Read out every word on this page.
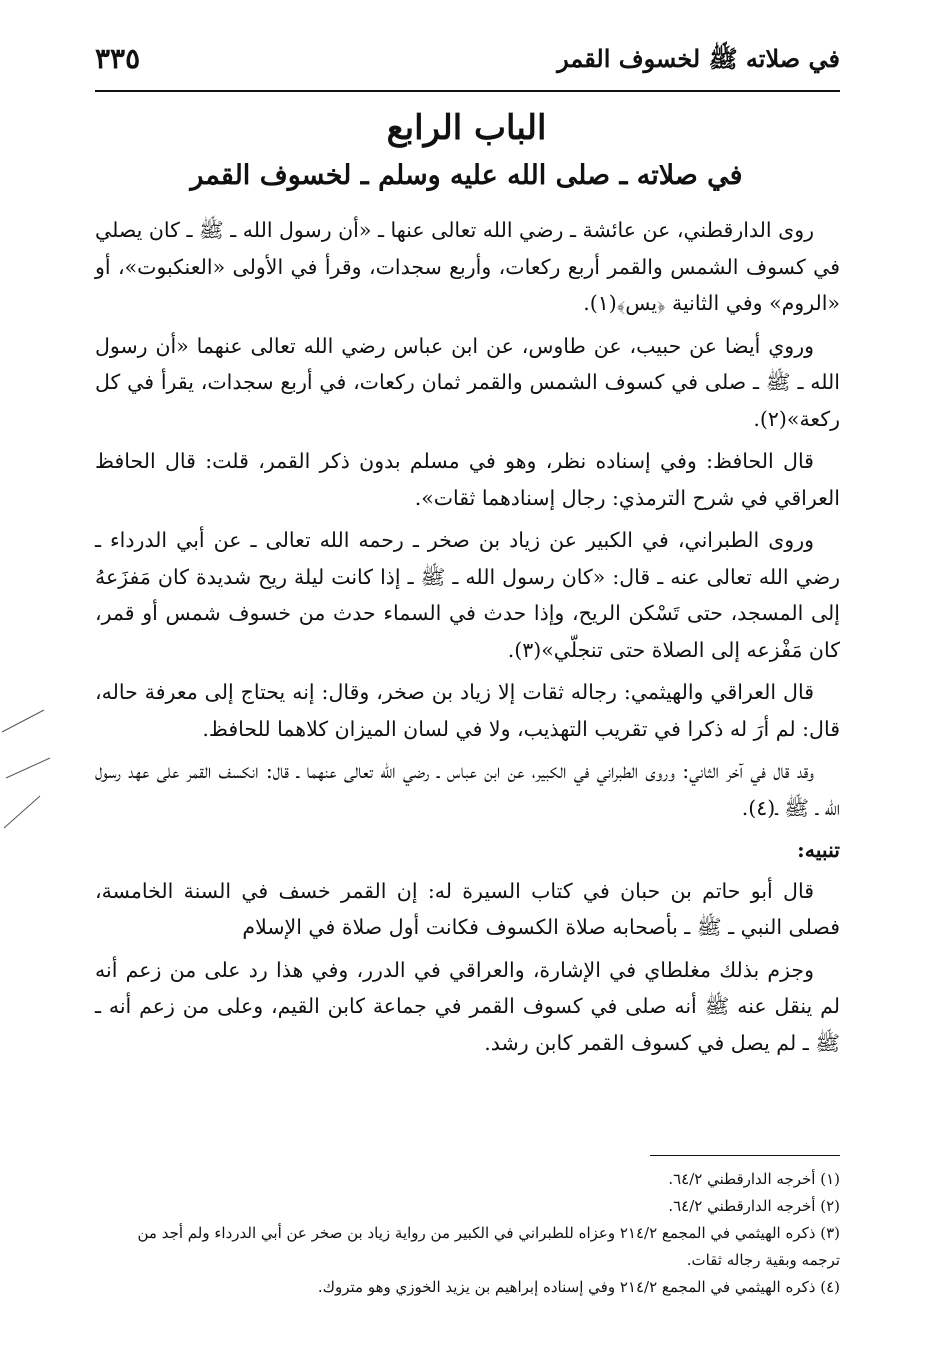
في صلاته ﷺ لخسوف القمر
٣٣٥
الباب الرابع
في صلاته ـ صلى الله عليه وسلم ـ لخسوف القمر

روى الدارقطني، عن عائشة ـ رضي الله تعالى عنها ـ «أن رسول الله ـ ﷺ ـ كان يصلي في كسوف الشمس والقمر أربع ركعات، وأربع سجدات، وقرأ في الأولى «العنكبوت»، أو «الروم» وفي الثانية ﴿يس﴾(١).

وروي أيضا عن حبيب، عن طاوس، عن ابن عباس رضي الله تعالى عنهما «أن رسول الله ـ ﷺ ـ صلى في كسوف الشمس والقمر ثمان ركعات، في أربع سجدات، يقرأ في كل ركعة»(٢).

قال الحافظ: وفي إسناده نظر، وهو في مسلم بدون ذكر القمر، قلت: قال الحافظ العراقي في شرح الترمذي: رجال إسنادهما ثقات».

وروى الطبراني، في الكبير عن زياد بن صخر ـ رحمه الله تعالى ـ عن أبي الدرداء ـ رضي الله تعالى عنه ـ قال: «كان رسول الله ـ ﷺ ـ إذا كانت ليلة ريح شديدة كان مَفزَعهُ إلى المسجد، حتى تَسْكن الريح، وإذا حدث في السماء حدث من خسوف شمس أو قمر، كان مَفْزعه إلى الصلاة حتى تنجلّي»(٣).

قال العراقي والهيثمي: رجاله ثقات إلا زياد بن صخر، وقال: إنه يحتاج إلى معرفة حاله، قال: لم أرَ له ذكرا في تقريب التهذيب، ولا في لسان الميزان كلاهما للحافظ.

وقد قال في آخر الثاني: وروى الطبراني في الكبير، عن ابن عباس ـ رضي الله تعالى عنهما ـ قال: انكسف القمر على عهد رسول الله ـ ﷺ ـ(٤).

تنبيه:

قال أبو حاتم بن حبان في كتاب السيرة له: إن القمر خسف في السنة الخامسة، فصلى النبي ـ ﷺ ـ بأصحابه صلاة الكسوف فكانت أول صلاة في الإسلام

وجزم بذلك مغلطاي في الإشارة، والعراقي في الدرر، وفي هذا رد على من زعم أنه لم ينقل عنه ﷺ أنه صلى في كسوف القمر في جماعة كابن القيم، وعلى من زعم أنه ـ ﷺ ـ لم يصل في كسوف القمر كابن رشد.

(١) أخرجه الدارقطني ٦٤/٢.

(٢) أخرجه الدارقطني ٦٤/٢.

(٣) ذكره الهيثمي في المجمع ٢١٤/٢ وعزاه للطبراني في الكبير من رواية زياد بن صخر عن أبي الدرداء ولم أجد من ترجمه وبقية رجاله ثقات.

(٤) ذكره الهيثمي في المجمع ٢١٤/٢ وفي إسناده إبراهيم بن يزيد الخوزي وهو متروك.
